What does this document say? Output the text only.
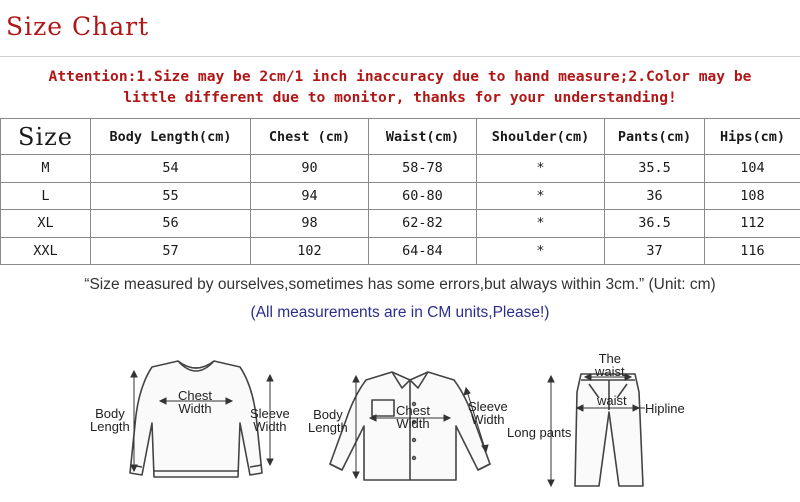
Size Chart
Attention:1.Size may be 2cm/1 inch inaccuracy due to hand measure;2.Color may be
little different due to monitor, thanks for your understanding!
Size	Body Length(cm)	Chest (cm)	Waist(cm)	Shoulder(cm)	Pants(cm)	Hips(cm)
M	54	90	58-78	*	35.5	104
L	55	94	60-80	*	36	108
XL	56	98	62-82	*	36.5	112
XXL	57	102	64-84	*	37	116
“Size measured by ourselves,sometimes has some errors,but always within 3cm.” (Unit: cm)
(All measurements are in CM units,Please!)
Chest
Width
Body
Length
Sleeve
Width
Chest
Width
Body
Length
Sleeve
Width
The
waist
waist
Hipline
Long pants
